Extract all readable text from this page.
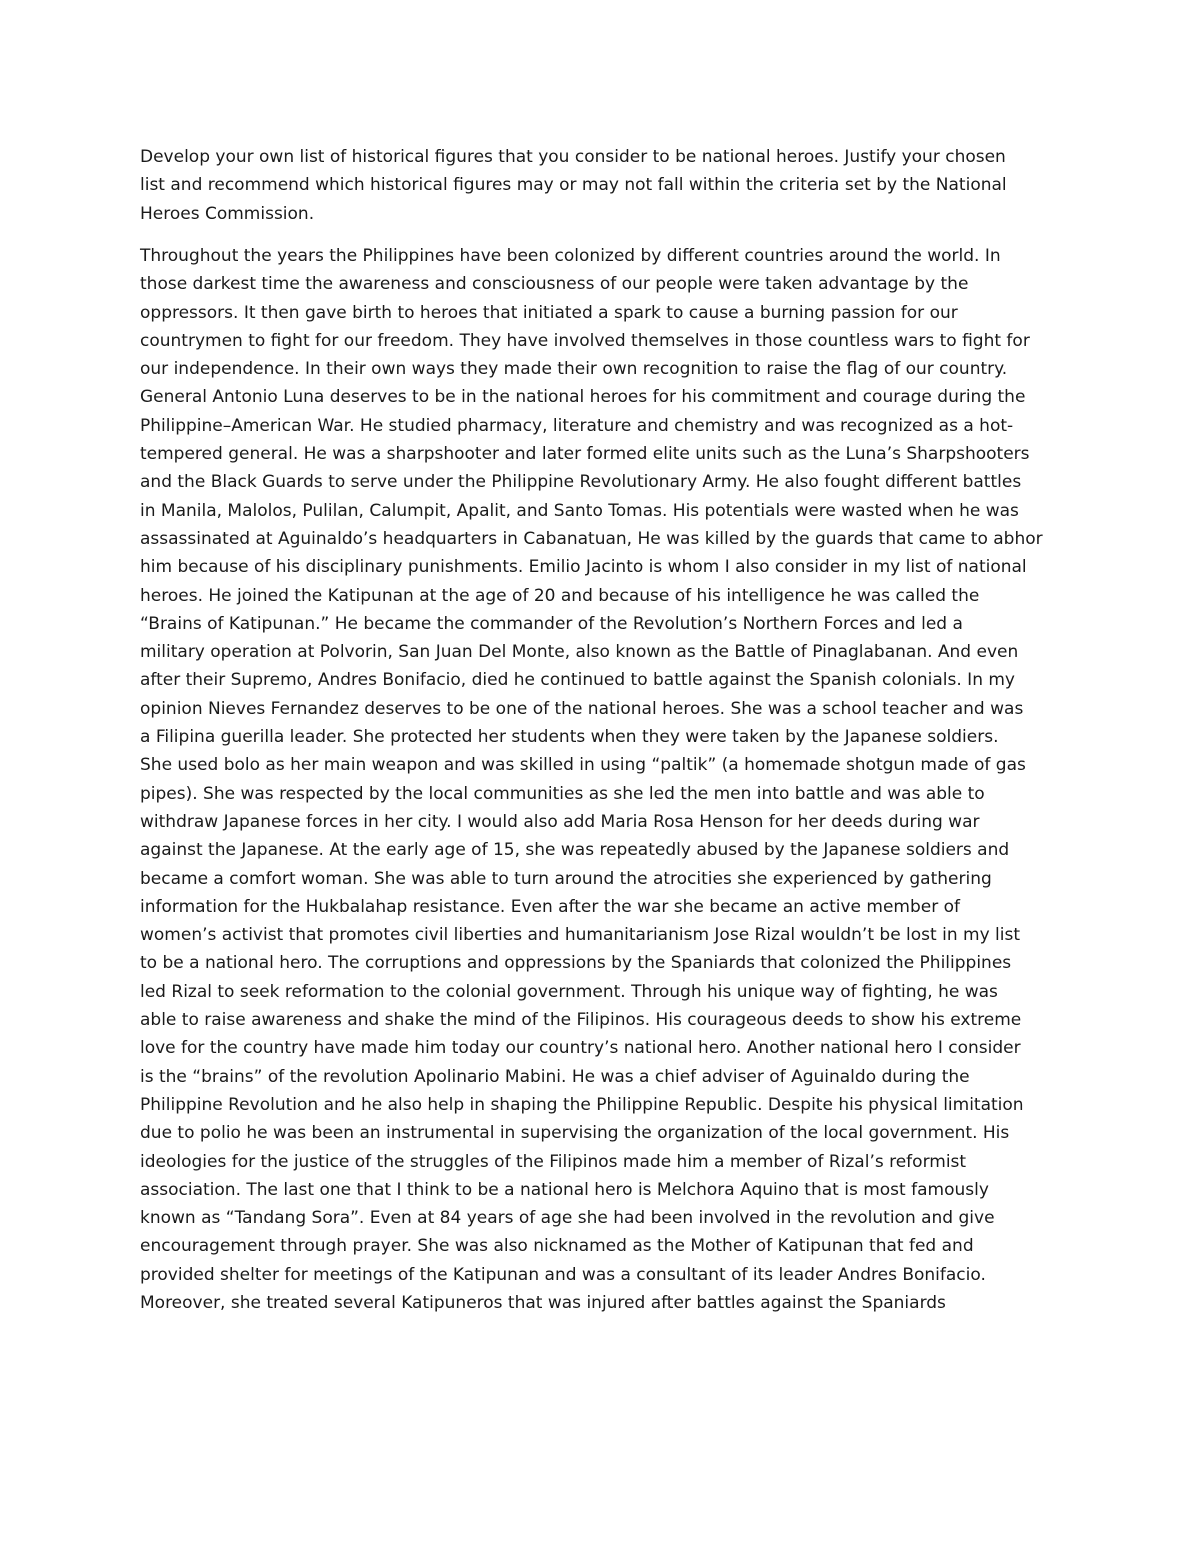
Develop your own list of historical figures that you consider to be national heroes. Justify your chosen
list and recommend which historical figures may or may not fall within the criteria set by the National
Heroes Commission.
Throughout the years the Philippines have been colonized by different countries around the world. In
those darkest time the awareness and consciousness of our people were taken advantage by the
oppressors. It then gave birth to heroes that initiated a spark to cause a burning passion for our
countrymen to fight for our freedom. They have involved themselves in those countless wars to fight for
our independence. In their own ways they made their own recognition to raise the flag of our country.
General Antonio Luna deserves to be in the national heroes for his commitment and courage during the
Philippine–American War. He studied pharmacy, literature and chemistry and was recognized as a hot-
tempered general. He was a sharpshooter and later formed elite units such as the Luna’s Sharpshooters
and the Black Guards to serve under the Philippine Revolutionary Army. He also fought different battles
in Manila, Malolos, Pulilan, Calumpit, Apalit, and Santo Tomas. His potentials were wasted when he was
assassinated at Aguinaldo’s headquarters in Cabanatuan, He was killed by the guards that came to abhor
him because of his disciplinary punishments. Emilio Jacinto is whom I also consider in my list of national
heroes. He joined the Katipunan at the age of 20 and because of his intelligence he was called the
“Brains of Katipunan.” He became the commander of the Revolution’s Northern Forces and led a
military operation at Polvorin, San Juan Del Monte, also known as the Battle of Pinaglabanan. And even
after their Supremo, Andres Bonifacio, died he continued to battle against the Spanish colonials. In my
opinion Nieves Fernandez deserves to be one of the national heroes. She was a school teacher and was
a Filipina guerilla leader. She protected her students when they were taken by the Japanese soldiers.
She used bolo as her main weapon and was skilled in using “paltik” (a homemade shotgun made of gas
pipes). She was respected by the local communities as she led the men into battle and was able to
withdraw Japanese forces in her city. I would also add Maria Rosa Henson for her deeds during war
against the Japanese. At the early age of 15, she was repeatedly abused by the Japanese soldiers and
became a comfort woman. She was able to turn around the atrocities she experienced by gathering
information for the Hukbalahap resistance. Even after the war she became an active member of
women’s activist that promotes civil liberties and humanitarianism Jose Rizal wouldn’t be lost in my list
to be a national hero. The corruptions and oppressions by the Spaniards that colonized the Philippines
led Rizal to seek reformation to the colonial government. Through his unique way of fighting, he was
able to raise awareness and shake the mind of the Filipinos. His courageous deeds to show his extreme
love for the country have made him today our country’s national hero. Another national hero I consider
is the “brains” of the revolution Apolinario Mabini. He was a chief adviser of Aguinaldo during the
Philippine Revolution and he also help in shaping the Philippine Republic. Despite his physical limitation
due to polio he was been an instrumental in supervising the organization of the local government. His
ideologies for the justice of the struggles of the Filipinos made him a member of Rizal’s reformist
association. The last one that I think to be a national hero is Melchora Aquino that is most famously
known as “Tandang Sora”. Even at 84 years of age she had been involved in the revolution and give
encouragement through prayer. She was also nicknamed as the Mother of Katipunan that fed and
provided shelter for meetings of the Katipunan and was a consultant of its leader Andres Bonifacio.
Moreover, she treated several Katipuneros that was injured after battles against the Spaniards
